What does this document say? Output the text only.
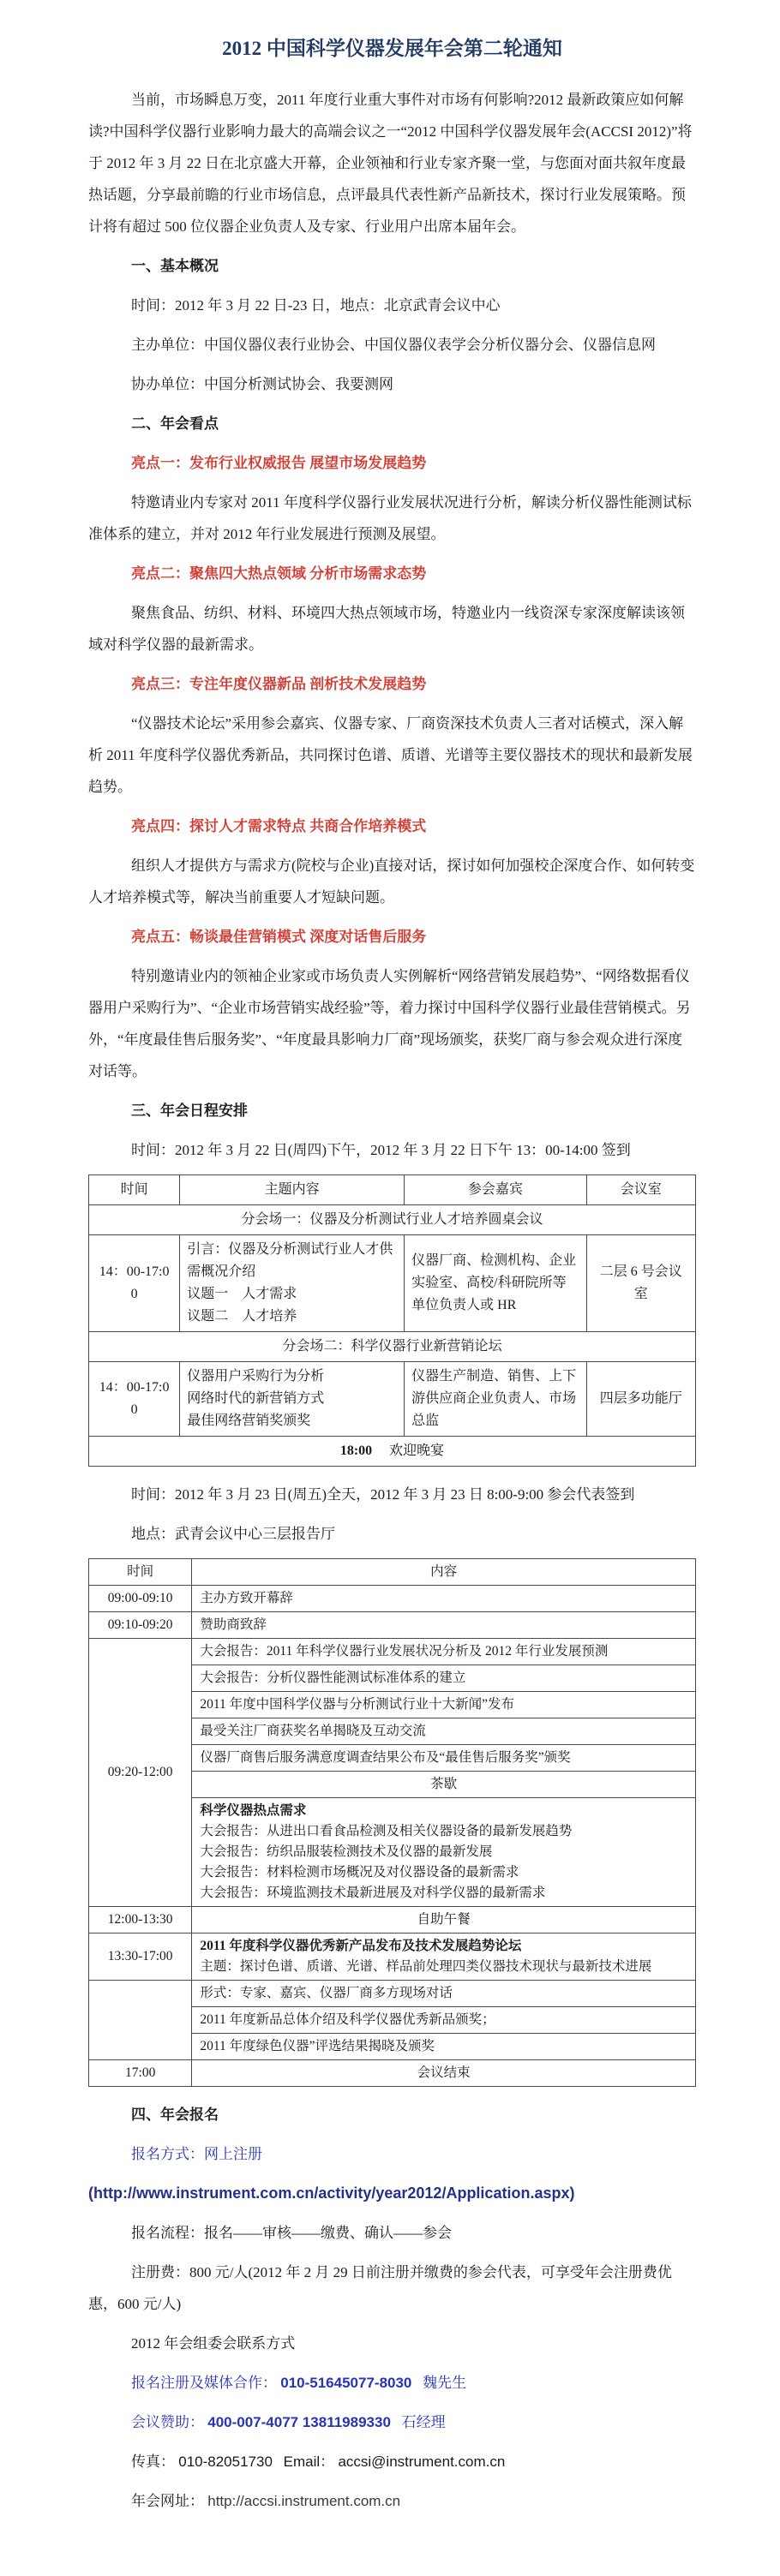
2012 中国科学仪器发展年会第二轮通知

当前，市场瞬息万变，2011 年度行业重大事件对市场有何影响?2012 最新政策应如何解读?中国科学仪器行业影响力最大的高端会议之一“2012 中国科学仪器发展年会(ACCSI 2012)”将于 2012 年 3 月 22 日在北京盛大开幕，企业领袖和行业专家齐聚一堂，与您面对面共叙年度最热话题，分享最前瞻的行业市场信息，点评最具代表性新产品新技术，探讨行业发展策略。预计将有超过 500 位仪器企业负责人及专家、行业用户出席本届年会。

一、基本概况

时间：2012 年 3 月 22 日-23 日，地点：北京武青会议中心

主办单位：中国仪器仪表行业协会、中国仪器仪表学会分析仪器分会、仪器信息网

协办单位：中国分析测试协会、我要测网

二、年会看点
亮点一：发布行业权威报告 展望市场发展趋势

特邀请业内专家对 2011 年度科学仪器行业发展状况进行分析，解读分析仪器性能测试标准体系的建立，并对 2012 年行业发展进行预测及展望。

亮点二：聚焦四大热点领域 分析市场需求态势

聚焦食品、纺织、材料、环境四大热点领域市场，特邀业内一线资深专家深度解读该领域对科学仪器的最新需求。

亮点三：专注年度仪器新品 剖析技术发展趋势

“仪器技术论坛”采用参会嘉宾、仪器专家、厂商资深技术负责人三者对话模式，深入解析 2011 年度科学仪器优秀新品，共同探讨色谱、质谱、光谱等主要仪器技术的现状和最新发展趋势。

亮点四：探讨人才需求特点 共商合作培养模式

组织人才提供方与需求方(院校与企业)直接对话，探讨如何加强校企深度合作、如何转变人才培养模式等，解决当前重要人才短缺问题。

亮点五：畅谈最佳营销模式 深度对话售后服务

特别邀请业内的领袖企业家或市场负责人实例解析“网络营销发展趋势”、“网络数据看仪器用户采购行为”、“企业市场营销实战经验”等，着力探讨中国科学仪器行业最佳营销模式。另外，“年度最佳售后服务奖”、“年度最具影响力厂商”现场颁奖，获奖厂商与参会观众进行深度对话等。

三、年会日程安排

时间：2012 年 3 月 22 日(周四)下午，2012 年 3 月 22 日下午 13：00-14:00 签到

时间	主题内容	参会嘉宾	会议室
分会场一：仪器及分析测试行业人才培养圆桌会议			
14：00-17:00	引言：仪器及分析测试行业人才供需概况介绍
议题一　人才需求
议题二　人才培养	仪器厂商、检测机构、企业实验室、高校/科研院所等单位负责人或 HR	二层 6 号会议室
分会场二：科学仪器行业新营销论坛			
14：00-17:00	仪器用户采购行为分析
网络时代的新营销方式
最佳网络营销奖颁奖	仪器生产制造、销售、上下游供应商企业负责人、市场总监	四层多功能厅
18:00 欢迎晚宴			

时间：2012 年 3 月 23 日(周五)全天，2012 年 3 月 23 日 8:00-9:00 参会代表签到

地点：武青会议中心三层报告厅

时间	内容
09:00-09:10	主办方致开幕辞
09:10-09:20	赞助商致辞
09:20-12:00	大会报告：2011 年科学仪器行业发展状况分析及 2012 年行业发展预测
	大会报告：分析仪器性能测试标准体系的建立
	2011 年度中国科学仪器与分析测试行业十大新闻”发布
	最受关注厂商获奖名单揭晓及互动交流
	仪器厂商售后服务满意度调查结果公布及“最佳售后服务奖”颁奖
	茶歇

	科学仪器热点需求
大会报告：从进出口看食品检测及相关仪器设备的最新发展趋势
大会报告：纺织品服装检测技术及仪器的最新发展
大会报告：材料检测市场概况及对仪器设备的最新需求
大会报告：环境监测技术最新进展及对科学仪器的最新需求

12:00-13:30	自助午餐
13:30-17:00	2011 年度科学仪器优秀新产品发布及技术发展趋势论坛
主题：探讨色谱、质谱、光谱、样品前处理四类仪器技术现状与最新技术进展

	形式：专家、嘉宾、仪器厂商多方现场对话
	2011 年度新品总体介绍及科学仪器优秀新品颁奖；
	2011 年度绿色仪器”评选结果揭晓及颁奖
17:00	会议结束
四、年会报名

报名方式：网上注册

(http://www.instrument.com.cn/activity/year2012/Application.aspx)

报名流程：报名——审核——缴费、确认——参会

注册费：800 元/人(2012 年 2 月 29 日前注册并缴费的参会代表，可享受年会注册费优惠，600 元/人)

2012 年会组委会联系方式

报名注册及媒体合作： 010-51645077-8030 魏先生

会议赞助： 400-007-4077 13811989330 石经理

传真： 010-82051730 Email： accsi@instrument.com.cn

年会网址： http://accsi.instrument.com.cn
